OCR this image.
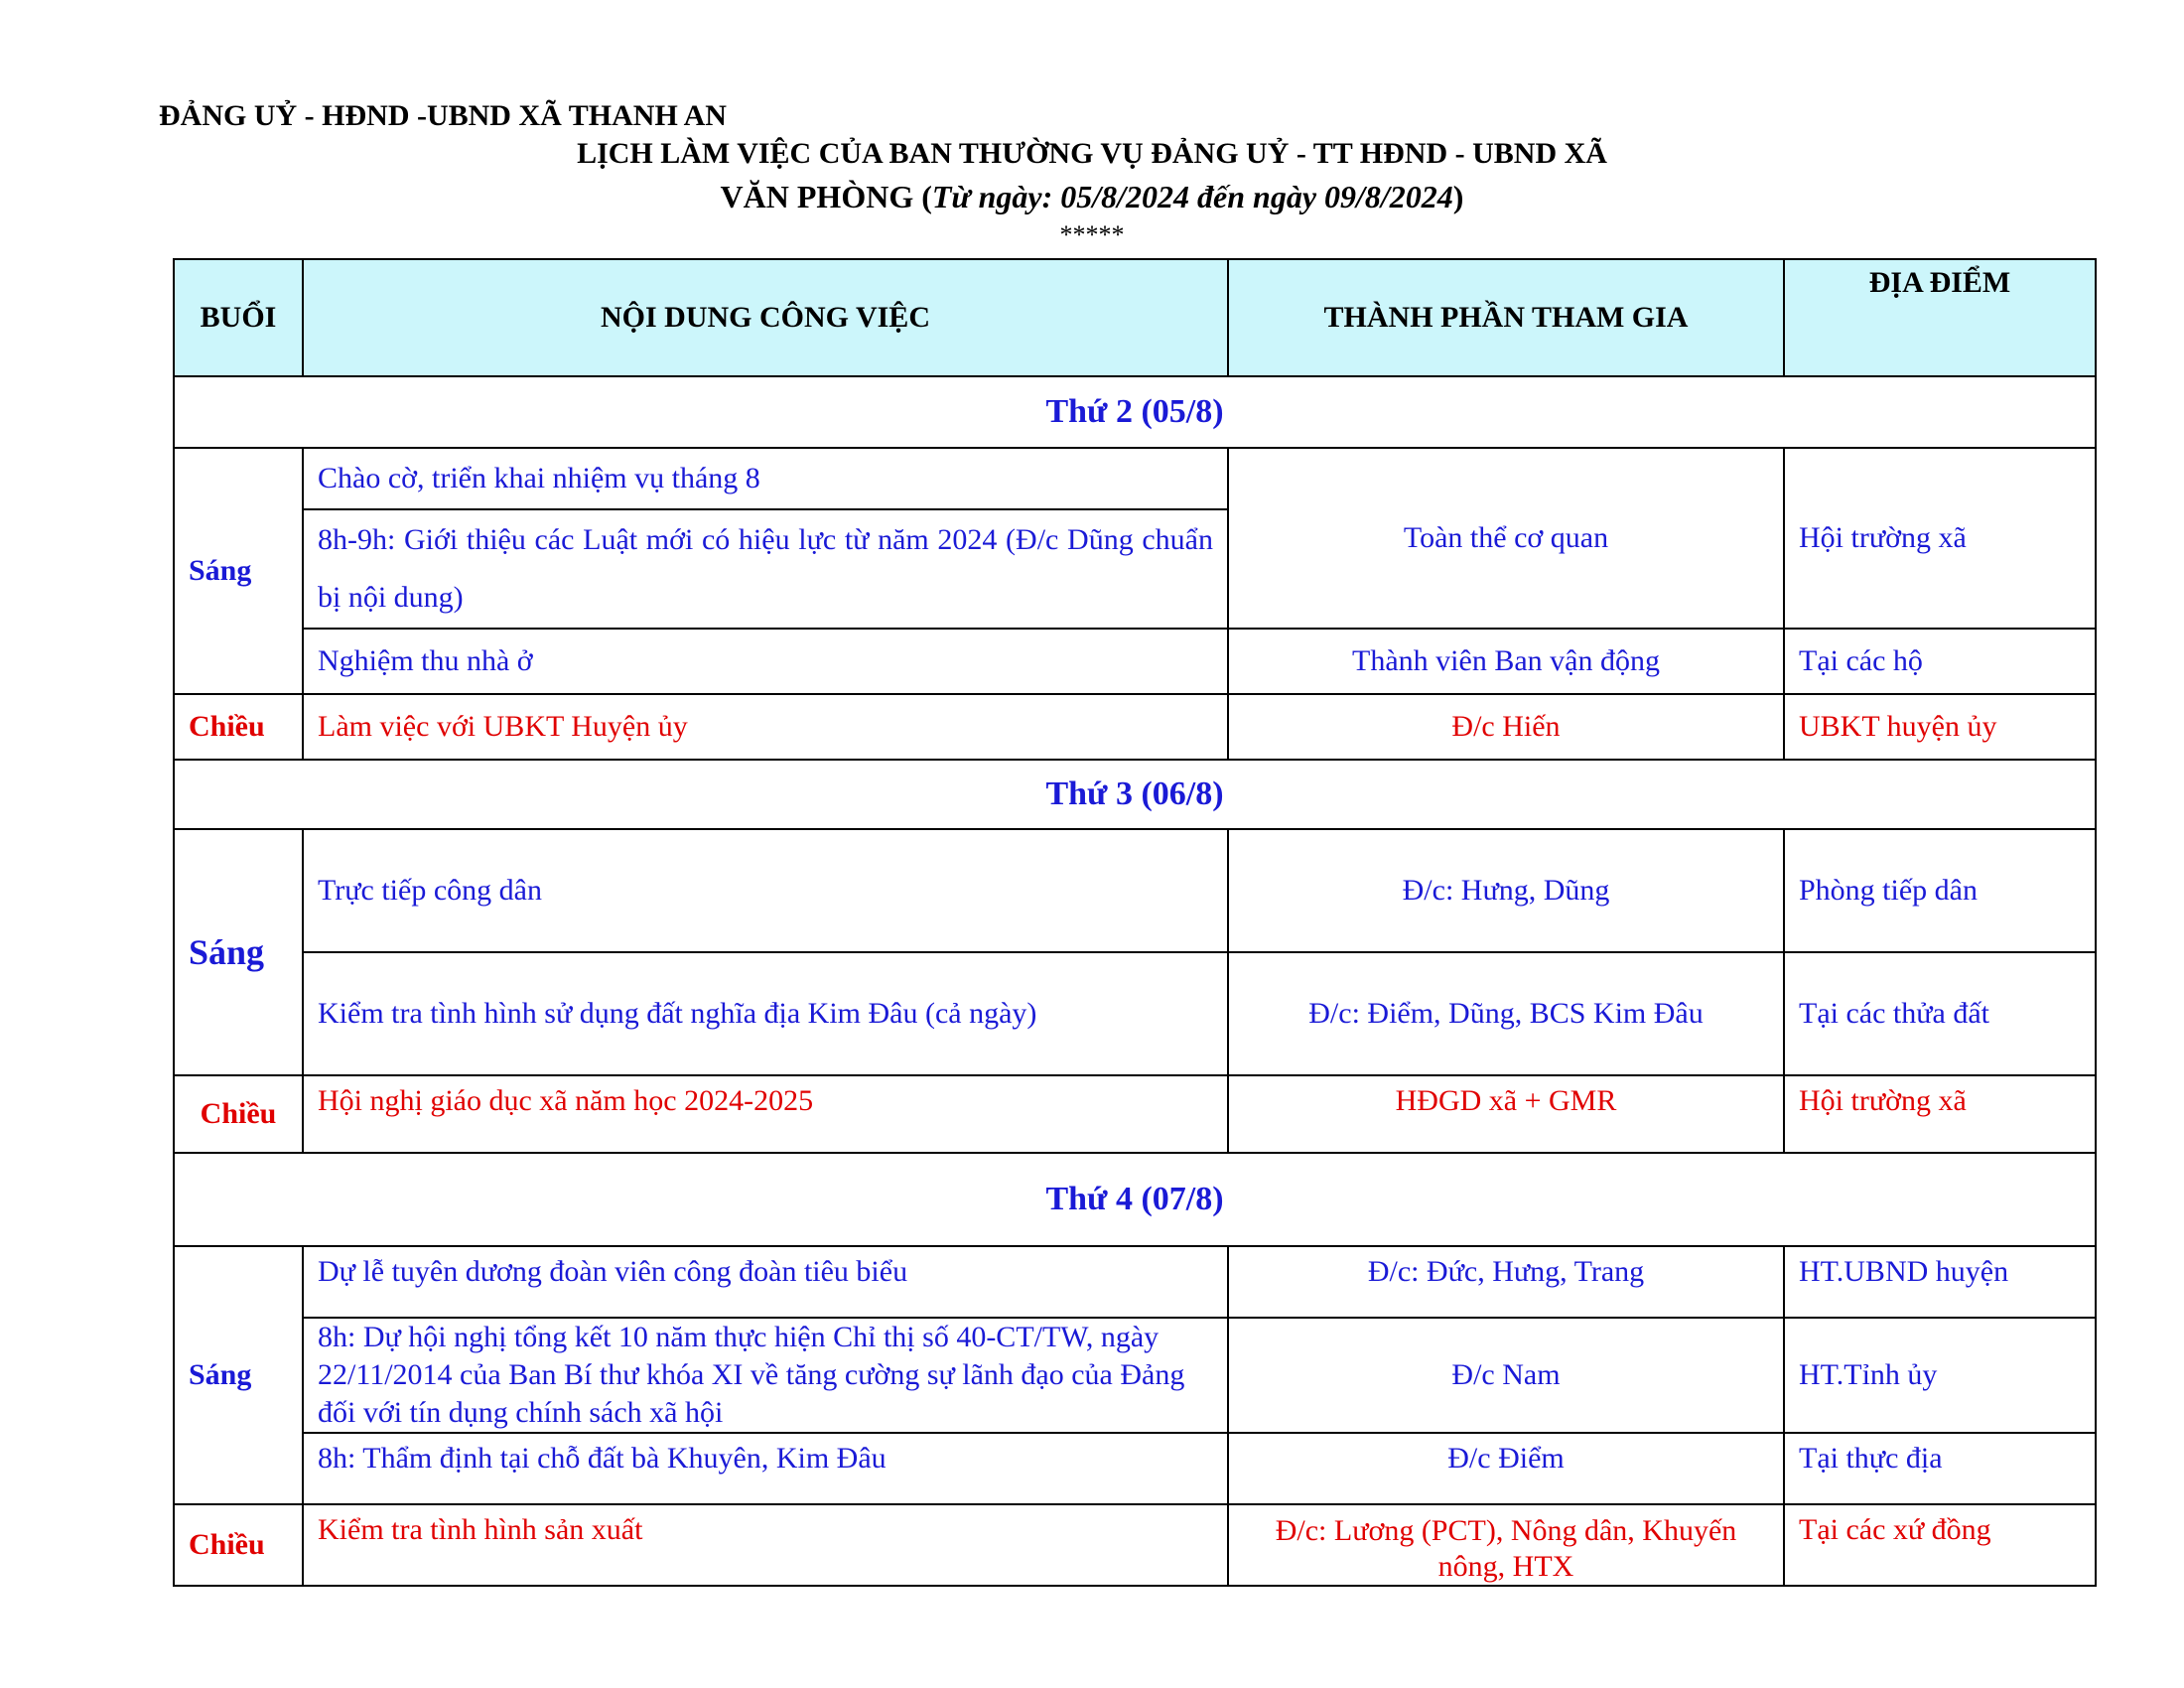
ĐẢNG UỶ - HĐND -UBND XÃ THANH AN
LỊCH LÀM VIỆC CỦA BAN THƯỜNG VỤ ĐẢNG UỶ - TT HĐND - UBND XÃ
VĂN PHÒNG (Từ ngày: 05/8/2024 đến ngày 09/8/2024)
*****
BUỔI	NỘI DUNG CÔNG VIỆC	THÀNH PHẦN THAM GIA	ĐỊA ĐIỂM
Thứ 2 (05/8)			
Sáng	Chào cờ, triển khai nhiệm vụ tháng 8	Toàn thể cơ quan	Hội trường xã
	8h-9h: Giới thiệu các Luật mới có hiệu lực từ năm 2024 (Đ/c Dũng chuẩn bị nội dung)		
	Nghiệm thu nhà ở	Thành viên Ban vận động	Tại các hộ
Chiều	Làm việc với UBKT Huyện ủy	Đ/c Hiến	UBKT huyện ủy
Thứ 3 (06/8)			
Sáng	Trực tiếp công dân	Đ/c: Hưng, Dũng	Phòng tiếp dân
	Kiểm tra tình hình sử dụng đất nghĩa địa Kim Đâu (cả ngày)	Đ/c: Điểm, Dũng, BCS Kim Đâu	Tại các thửa đất
Chiều	Hội nghị giáo dục xã năm học 2024-2025	HĐGD xã + GMR	Hội trường xã
Thứ 4 (07/8)			
Sáng	Dự lễ tuyên dương đoàn viên công đoàn tiêu biểu	Đ/c: Đức, Hưng, Trang	HT.UBND huyện
	8h: Dự hội nghị tổng kết 10 năm thực hiện Chỉ thị số 40-CT/TW, ngày 22/11/2014 của Ban Bí thư khóa XI về tăng cường sự lãnh đạo của Đảng đối với tín dụng chính sách xã hội	Đ/c Nam	HT.Tỉnh ủy
	8h: Thẩm định tại chỗ đất bà Khuyên, Kim Đâu	Đ/c Điểm	Tại thực địa
Chiều	Kiểm tra tình hình sản xuất	Đ/c: Lương (PCT), Nông dân, Khuyến nông, HTX	Tại các xứ đồng
